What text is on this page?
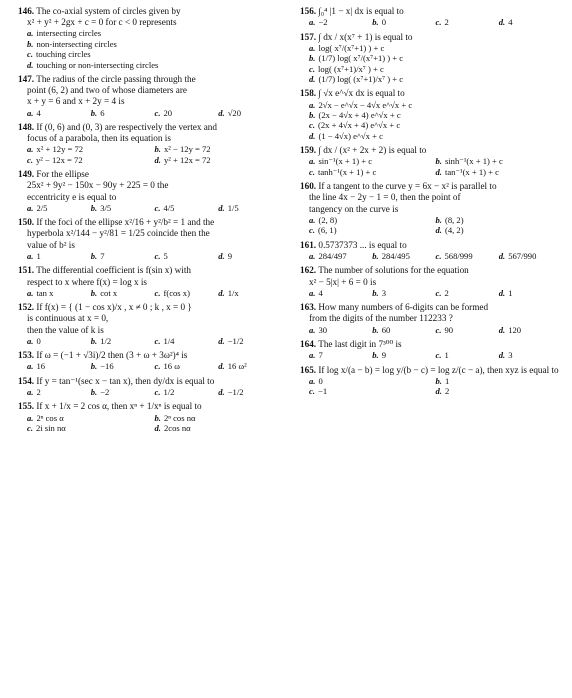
146. The co-axial system of circles given by
x² + y² + 2gx + c = 0 for c < 0 represents
a. intersecting circles
b. non-intersecting circles
c. touching circles
d. touching or non-intersecting circles
147. The radius of the circle passing through the
point (6, 2) and two of whose diameters are
x + y = 6 and x + 2y = 4 is
a. 4	b. 6	c. 20	d. √20
148. If (0, 6) and (0, 3) are respectively the vertex and
focus of a parabola, then its equation is
a. x² + 12y = 72	b. x² − 12y = 72
c. y² − 12x = 72	d. y² + 12x = 72
149. For the ellipse
25x² + 9y² − 150x − 90y + 225 = 0 the
eccentricity e is equal to
a. 2/5	b. 3/5	c. 4/5	d. 1/5
150. If the foci of the ellipse x²/16 + y²/b² = 1 and the
hyperbola x²/144 − y²/81 = 1/25 coincide then the
value of b² is
a. 1	b. 7	c. 5	d. 9
151. The differential coefficient is f(sin x) with
respect to x where f(x) = log x is
a. tan x	b. cot x	c. f(cos x)	d. 1/x
152. If f(x) = { (1 − cos x)/x , x ≠ 0 ; k , x = 0 }
is continuous at x = 0,
then the value of k is
a. 0	b. 1/2	c. 1/4	d. −1/2
153. If ω = (−1 + √3i)/2 then (3 + ω + 3ω²)⁴ is
a. 16	b. −16	c. 16 ω	d. 16 ω²
154. If y = tan⁻¹(sec x − tan x), then dy/dx is equal to
a. 2	b. −2	c. 1/2	d. −1/2
155. If x + 1/x = 2 cos α, then xⁿ + 1/xⁿ is equal to
a. 2ⁿ cos α	b. 2ⁿ cos nα
c. 2i sin nα	d. 2cos nα
156. ∫₀⁴ |1 − x| dx is equal to
a. −2	b. 0	c. 2	d. 4
157. ∫ dx / x(x⁷ + 1) is equal to
a. log( x⁷/(x⁷+1) ) + c
b. (1/7) log( x⁷/(x⁷+1) ) + c
c. log( (x⁷+1)/x⁷ ) + c
d. (1/7) log( (x⁷+1)/x⁷ ) + c
158. ∫ √x e^√x dx is equal to
a. 2√x − e^√x − 4√x e^√x + c
b. (2x − 4√x + 4) e^√x + c
c. (2x + 4√x + 4) e^√x + c
d. (1 − 4√x) e^√x + c
159. ∫ dx / (x² + 2x + 2) is equal to
a. sin⁻¹(x + 1) + c	b. sinh⁻¹(x + 1) + c
c. tanh⁻¹(x + 1) + c	d. tan⁻¹(x + 1) + c
160. If a tangent to the curve y = 6x − x² is parallel to
the line 4x − 2y − 1 = 0, then the point of
tangency on the curve is
a. (2, 8)	b. (8, 2)
c. (6, 1)	d. (4, 2)
161. 0.5737373 ... is equal to
a. 284/497	b. 284/495	c. 568/999	d. 567/990
162. The number of solutions for the equation
x² − 5|x| + 6 = 0 is
a. 4	b. 3	c. 2	d. 1
163. How many numbers of 6-digits can be formed
from the digits of the number 112233 ?
a. 30	b. 60	c. 90	d. 120
164. The last digit in 7³⁰⁰ is
a. 7	b. 9	c. 1	d. 3
165. If log x/(a − b) = log y/(b − c) = log z/(c − a), then xyz is equal to
a. 0	b. 1
c. −1	d. 2
